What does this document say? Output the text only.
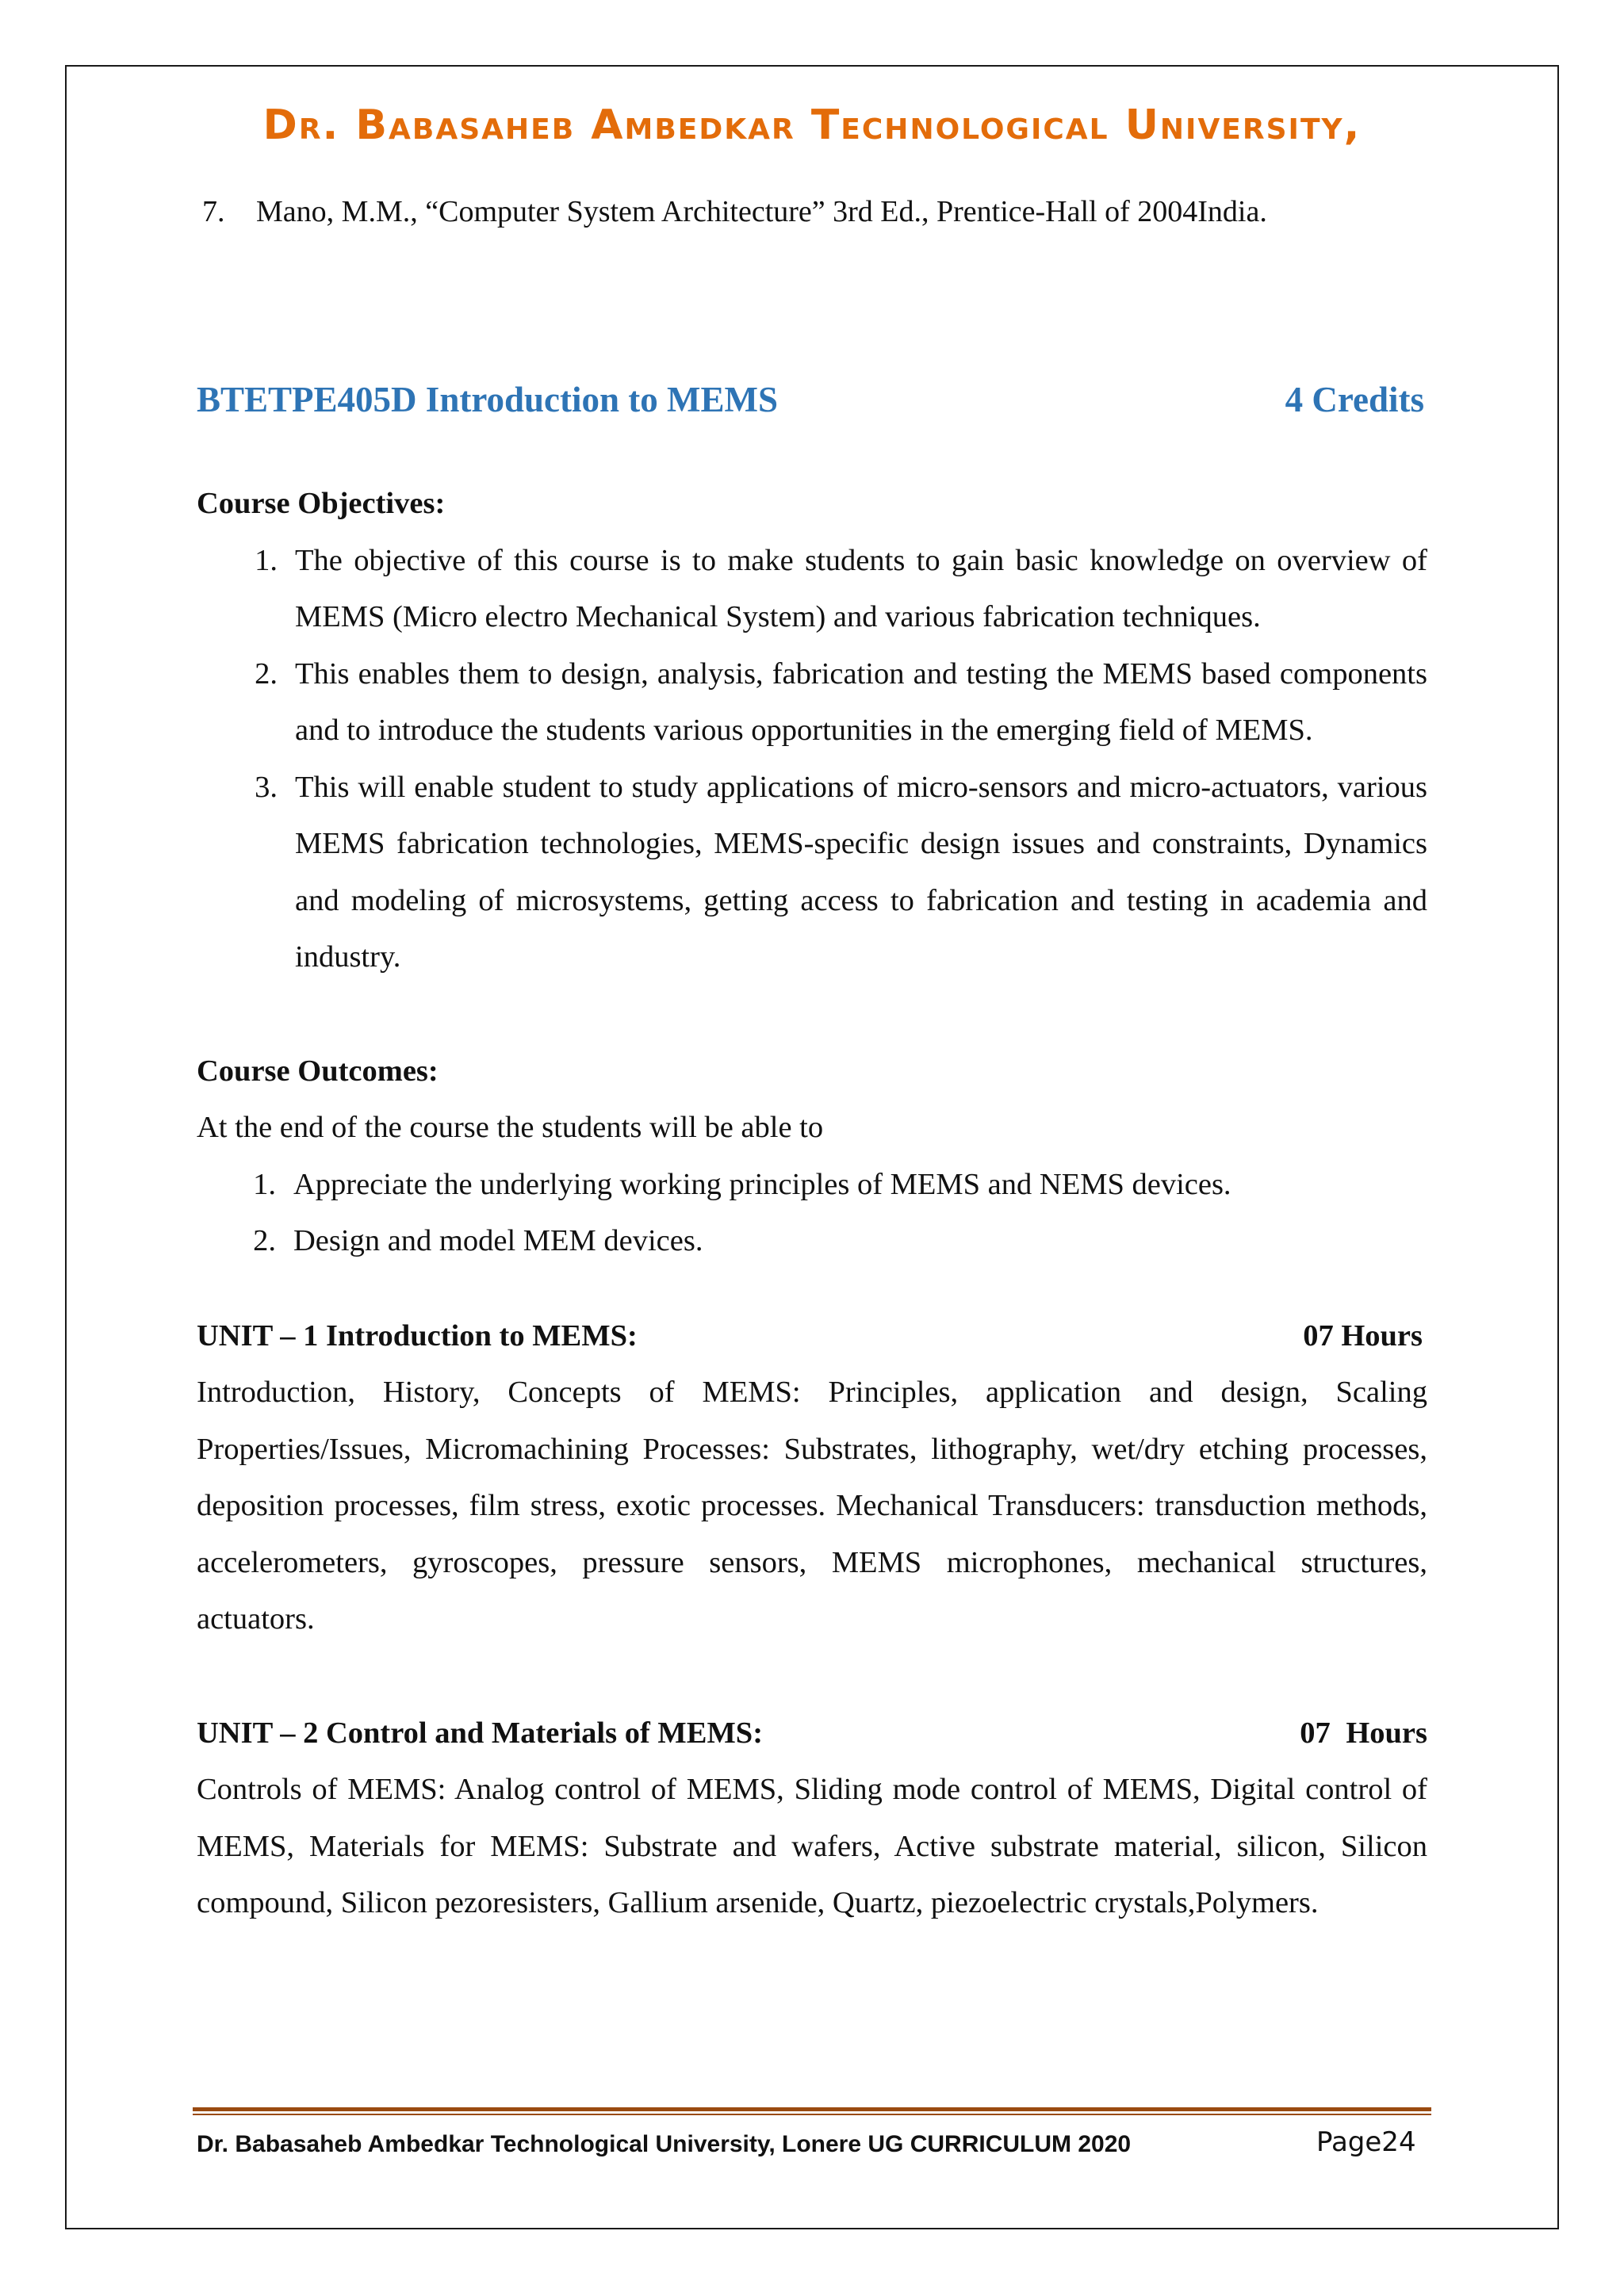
Dr. Babasaheb Ambedkar Technological University,
7. Mano, M.M., “Computer System Architecture” 3rd Ed., Prentice-Hall of 2004India.
BTETPE405D Introduction to MEMS	4 Credits
Course Objectives:
1. The objective of this course is to make students to gain basic knowledge on overview of MEMS (Micro electro Mechanical System) and various fabrication techniques.
2. This enables them to design, analysis, fabrication and testing the MEMS based components and to introduce the students various opportunities in the emerging field of MEMS.
3. This will enable student to study applications of micro-sensors and micro-actuators, various MEMS fabrication technologies, MEMS-specific design issues and constraints, Dynamics and modeling of microsystems, getting access to fabrication and testing in academia and industry.
Course Outcomes:
At the end of the course the students will be able to
1. Appreciate the underlying working principles of MEMS and NEMS devices.
2. Design and model MEM devices.
UNIT – 1 Introduction to MEMS:	07 Hours
Introduction, History, Concepts of MEMS: Principles, application and design, Scaling Properties/Issues, Micromachining Processes: Substrates, lithography, wet/dry etching processes, deposition processes, film stress, exotic processes. Mechanical Transducers: transduction methods, accelerometers, gyroscopes, pressure sensors, MEMS microphones, mechanical structures, actuators.
UNIT – 2 Control and Materials of MEMS:	07 Hours
Controls of MEMS: Analog control of MEMS, Sliding mode control of MEMS, Digital control of MEMS, Materials for MEMS: Substrate and wafers, Active substrate material, silicon, Silicon compound, Silicon pezoresisters, Gallium arsenide, Quartz, piezoelectric crystals,Polymers.
Dr. Babasaheb Ambedkar Technological University, Lonere UG CURRICULUM 2020	Page24
